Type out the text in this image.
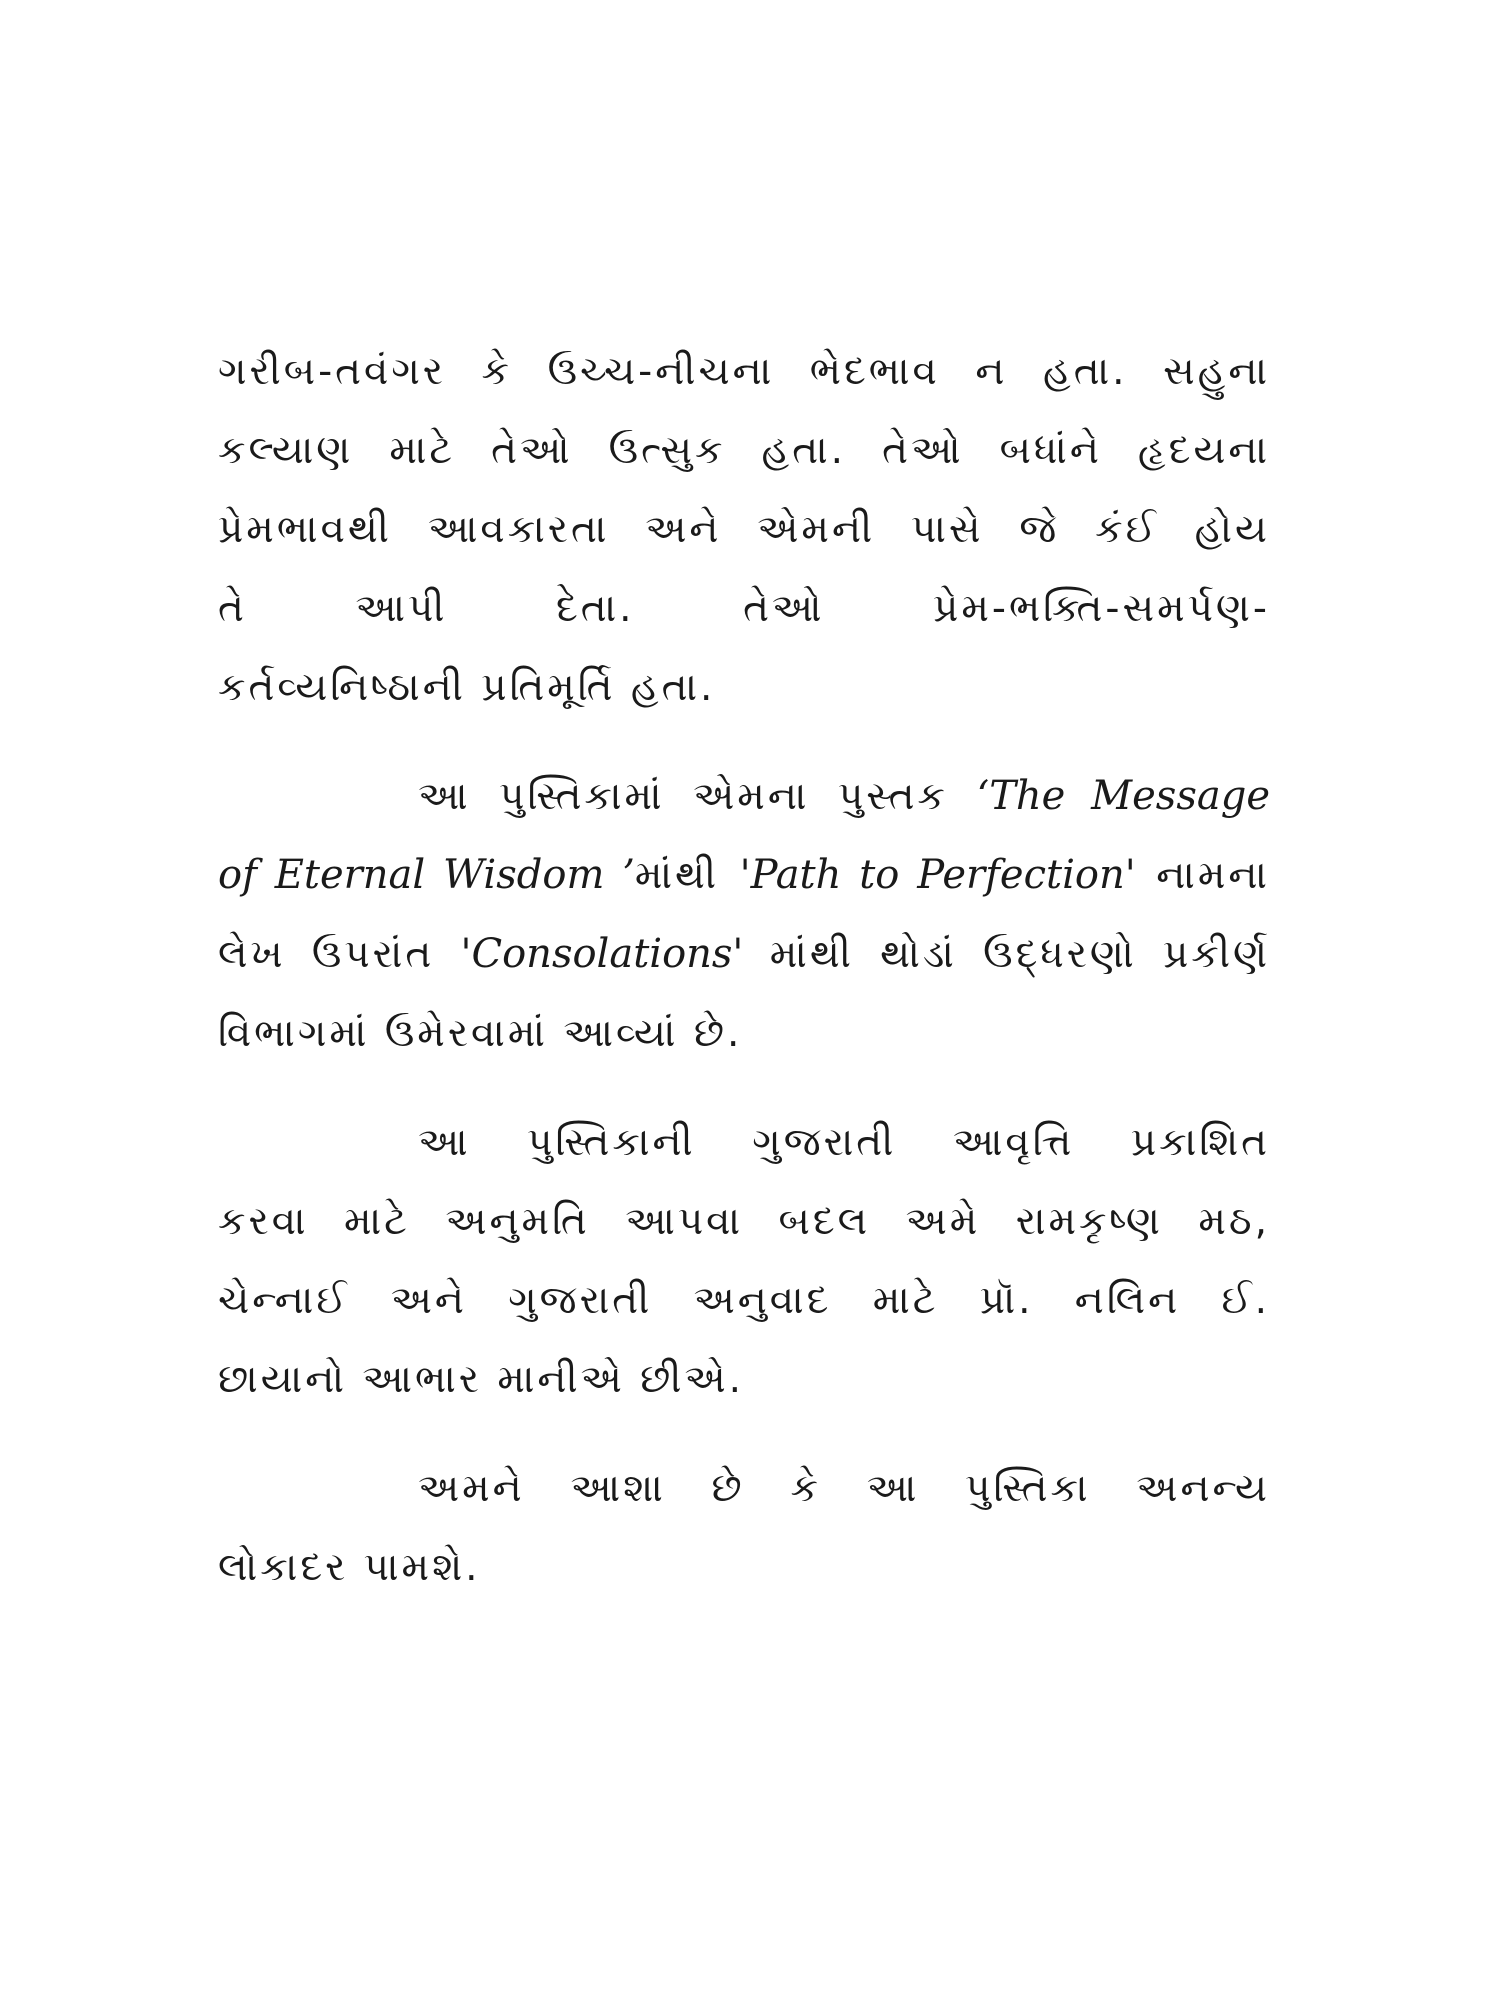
ગરીબ-તવંગર કે ઉચ્ચ-નીચના ભેદભાવ ન હતા. સહુના
કલ્યાણ માટે તેઓ ઉત્સુક હતા. તેઓ બધાંને હૃદયના
પ્રેમભાવથી આવકારતા અને એમની પાસે જે કંઈ હોય
તે આપી દેતા. તેઓ પ્રેમ-ભક્તિ-સમર્પણ-
કર્તવ્યનિષ્ઠાની પ્રતિમૂર્તિ હતા.
આ પુસ્તિકામાં એમના પુસ્તક ‘The Message
of Eternal Wisdom ’માંથી 'Path to Perfection' નામના
લેખ ઉપરાંત 'Consolations' માંથી થોડાં ઉદ્ધરણો પ્રકીર્ણ
વિભાગમાં ઉમેરવામાં આવ્યાં છે.
આ પુસ્તિકાની ગુજરાતી આવૃત્તિ પ્રકાશિત
કરવા માટે અનુમતિ આપવા બદલ અમે રામકૃષ્ણ મઠ,
ચેન્નાઈ અને ગુજરાતી અનુવાદ માટે પ્રૉ. નલિન ઈ.
છાયાનો આભાર માનીએ છીએ.
અમને આશા છે કે આ પુસ્તિકા અનન્ય
લોકાદર પામશે.
